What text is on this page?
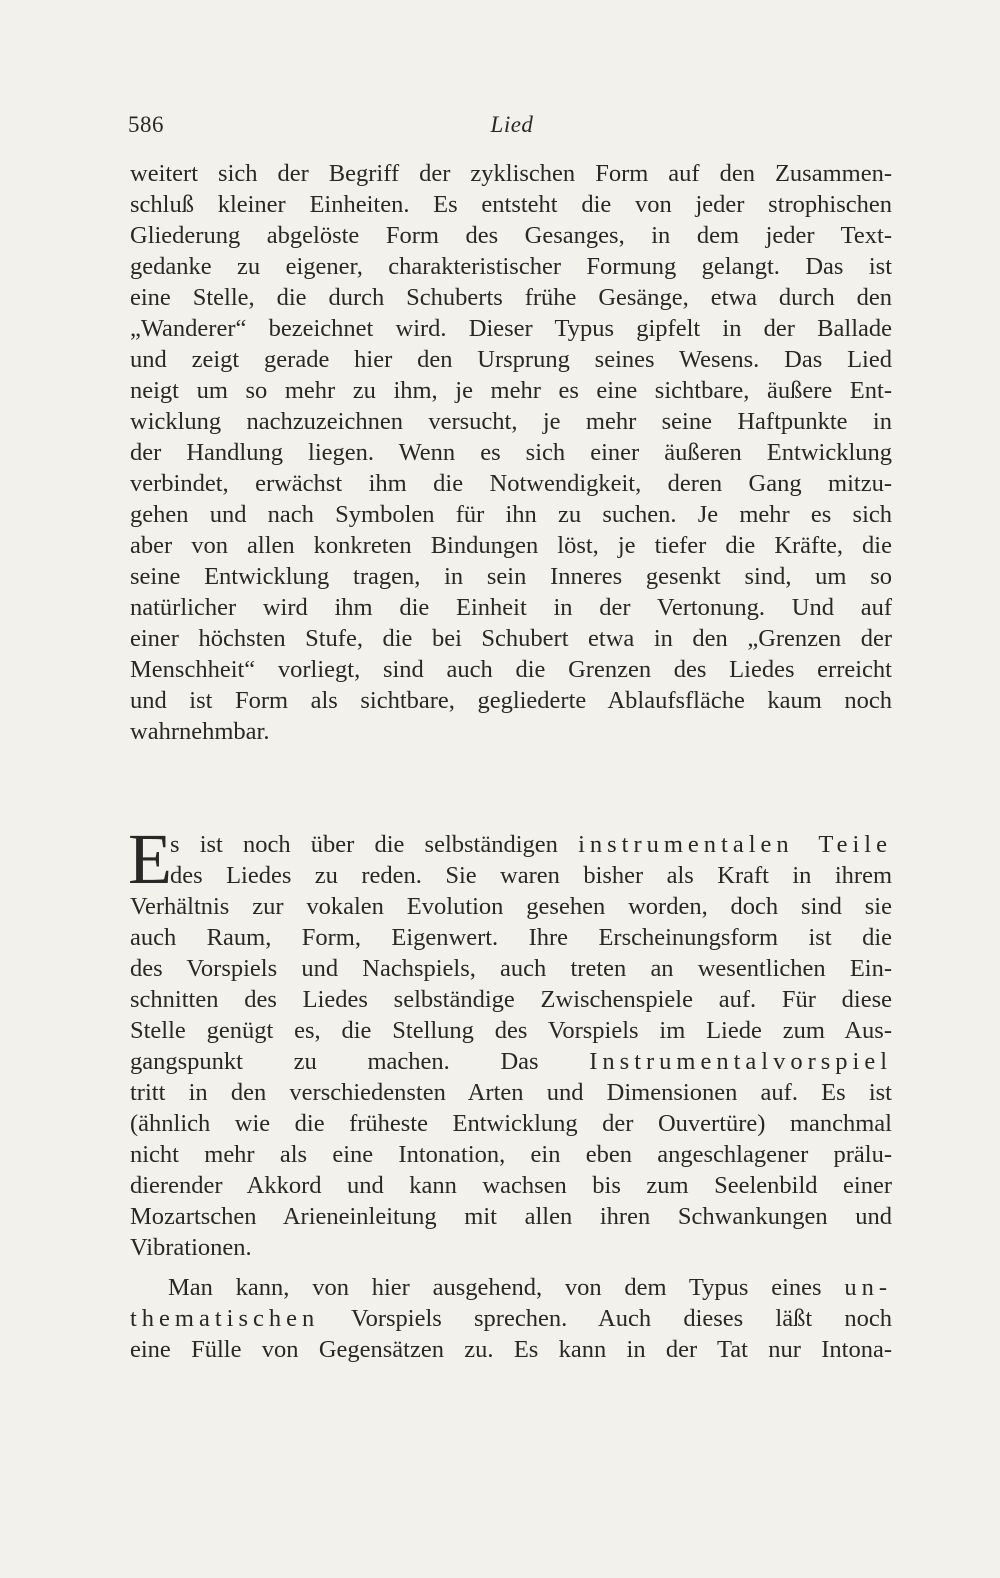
586	Lied
weitert sich der Begriff der zyklischen Form auf den Zusammen-
schluß kleiner Einheiten. Es entsteht die von jeder strophischen
Gliederung abgelöste Form des Gesanges, in dem jeder Text-
gedanke zu eigener, charakteristischer Formung gelangt. Das ist
eine Stelle, die durch Schuberts frühe Gesänge, etwa durch den
„Wanderer“ bezeichnet wird. Dieser Typus gipfelt in der Ballade
und zeigt gerade hier den Ursprung seines Wesens. Das Lied
neigt um so mehr zu ihm, je mehr es eine sichtbare, äußere Ent-
wicklung nachzuzeichnen versucht, je mehr seine Haftpunkte in
der Handlung liegen. Wenn es sich einer äußeren Entwicklung
verbindet, erwächst ihm die Notwendigkeit, deren Gang mitzu-
gehen und nach Symbolen für ihn zu suchen. Je mehr es sich
aber von allen konkreten Bindungen löst, je tiefer die Kräfte, die
seine Entwicklung tragen, in sein Inneres gesenkt sind, um so
natürlicher wird ihm die Einheit in der Vertonung. Und auf
einer höchsten Stufe, die bei Schubert etwa in den „Grenzen der
Menschheit“ vorliegt, sind auch die Grenzen des Liedes erreicht
und ist Form als sichtbare, gegliederte Ablaufsfläche kaum noch
wahrnehmbar.
E
s ist noch über die selbständigen instrumentalen Teile
des Liedes zu reden. Sie waren bisher als Kraft in ihrem
Verhältnis zur vokalen Evolution gesehen worden, doch sind sie
auch Raum, Form, Eigenwert. Ihre Erscheinungsform ist die
des Vorspiels und Nachspiels, auch treten an wesentlichen Ein-
schnitten des Liedes selbständige Zwischenspiele auf. Für diese
Stelle genügt es, die Stellung des Vorspiels im Liede zum Aus-
gangspunkt zu machen. Das Instrumentalvorspiel
tritt in den verschiedensten Arten und Dimensionen auf. Es ist
(ähnlich wie die früheste Entwicklung der Ouvertüre) manchmal
nicht mehr als eine Intonation, ein eben angeschlagener prälu-
dierender Akkord und kann wachsen bis zum Seelenbild einer
Mozartschen Arieneinleitung mit allen ihren Schwankungen und
Vibrationen.
Man kann, von hier ausgehend, von dem Typus eines un-
thematischen Vorspiels sprechen. Auch dieses läßt noch
eine Fülle von Gegensätzen zu. Es kann in der Tat nur Intona-
